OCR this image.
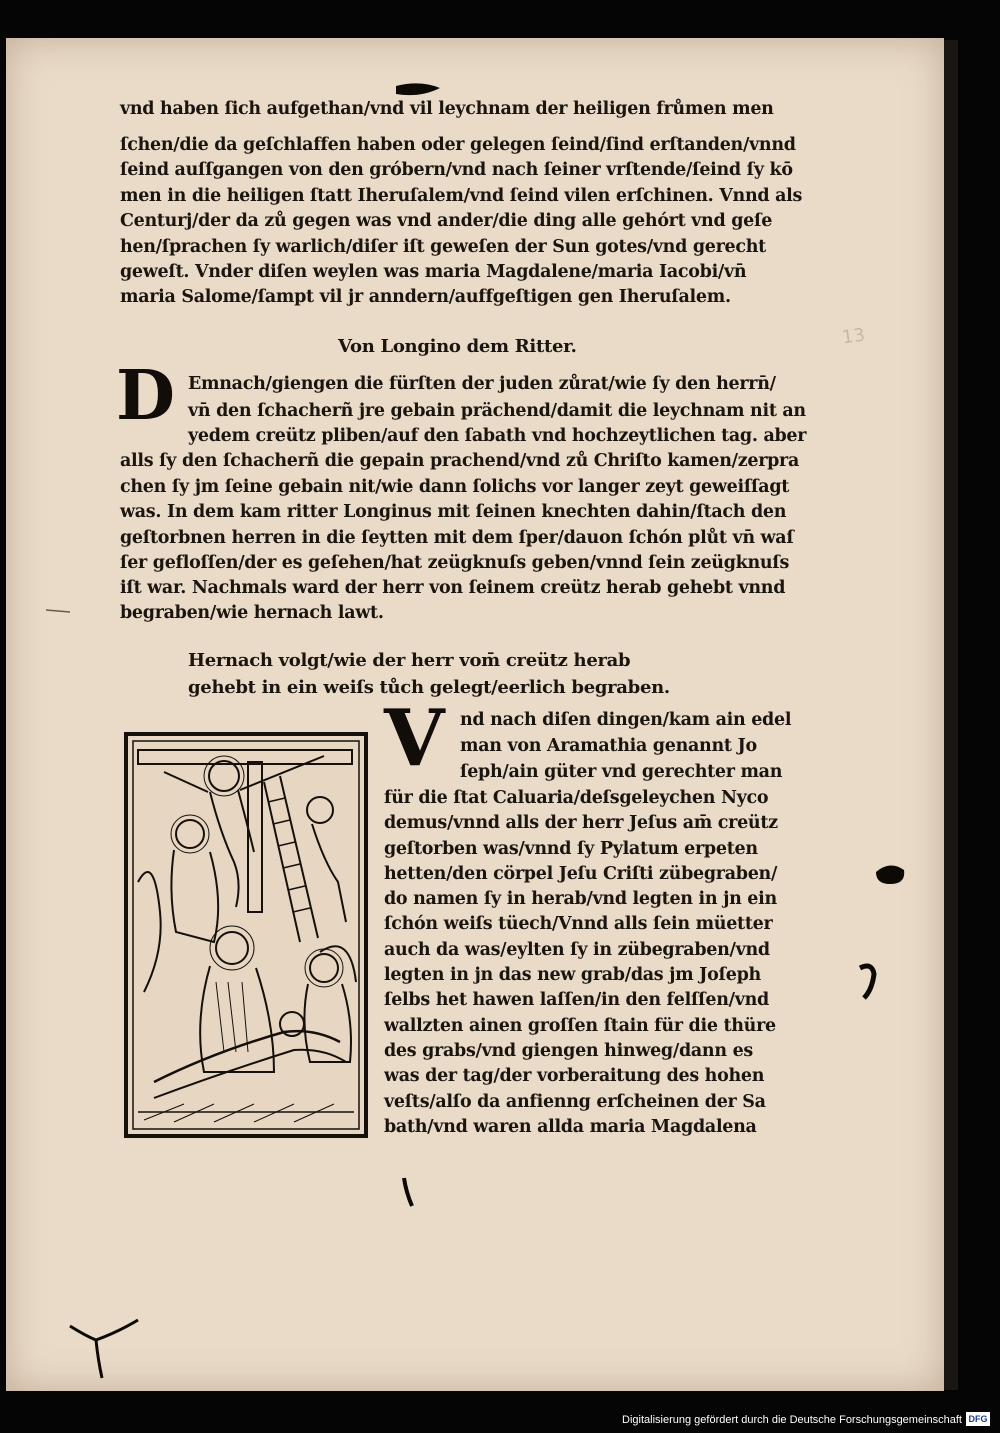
vnd haben ſich aufgethan/vnd vil leychnam der heiligen frůmen men
ſchen/die da geſchlaffen haben oder gelegen ſeind/ſind erſtanden/vnnd
ſeind auſſgangen von den gróbern/vnd nach ſeiner vrſtende/ſeind ſy kō
men in die heiligen ſtatt Iheruſalem/vnd ſeind vilen erſchinen. Vnnd als
Centurj/der da zů gegen was vnd ander/die ding alle gehórt vnd geſe
hen/ſprachen ſy warlich/diſer iſt geweſen der Sun gotes/vnd gerecht
geweſt. Vnder diſen weylen was maria Magdalene/maria Iacobi/vn̄
maria Salome/ſampt vil jr anndern/auffgeſtigen gen Iheruſalem.
Von Longino dem Ritter.
D Emnach/giengen die fürſten der juden zůrat/wie ſy den herrn̄/
vn̄ den ſchacherñ jre gebain prächend/damit die leychnam nit an
yedem creütz pliben/auf den ſabath vnd hochzeytlichen tag. aber
alls ſy den ſchacherñ die gepain prachend/vnd zů Chriſto kamen/zerpra
chen ſy jm ſeine gebain nit/wie dann ſolichs vor langer zeyt geweiſſagt
was. In dem kam ritter Longinus mit ſeinen knechten dahin/ſtach den
geſtorbnen herren in die ſeytten mit dem ſper/dauon ſchón plůt vn̄ waſ
ſer gefloſſen/der es geſehen/hat zeügknuſs geben/vnnd ſein zeügknuſs
iſt war. Nachmals ward der herr von ſeinem creütz herab gehebt vnnd
begraben/wie hernach lawt.
Hernach volgt/wie der herr vom̄ creütz herab
gehebt in ein weiſs tůch gelegt/eerlich begraben.
V nd nach diſen dingen/kam ain edel
man von Aramathia genannt Jo
ſeph/ain güter vnd gerechter man
für die ſtat Caluaria/deſsgeleychen Nyco
demus/vnnd alls der herr Jeſus am̄ creütz
geſtorben was/vnnd ſy Pylatum erpeten
hetten/den cörpel Jeſu Criſti zübegraben/
do namen ſy in herab/vnd legten in jn ein
ſchón weiſs tüech/Vnnd alls ſein müetter
auch da was/eylten ſy in zübegraben/vnd
legten in jn das new grab/das jm Joſeph
ſelbs het hawen laſſen/in den felſſen/vnd
wallzten ainen groſſen ſtain für die thüre
des grabs/vnd giengen hinweg/dann es
was der tag/der vorberaitung des hohen
veſts/alſo da anfienng erſcheinen der Sa
bath/vnd waren allda maria Magdalena
13
Digitalisierung gefördert durch die Deutsche Forschungsgemeinschaft DFG
